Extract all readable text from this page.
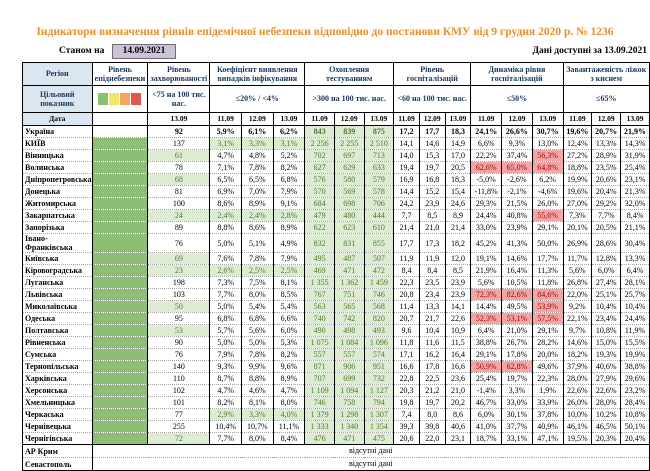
Індикатори визначення рівнів епідемічної небезпеки відповідно до постанови КМУ від 9 грудня 2020 р. № 1236
Станом на	14.09.2021	Дані доступні за 13.09.2021
Регіон	Рівень епіднебезпеки	Рівень захворюваності	Коефіцієнт виявлення випадків інфікування			Охоплення тестуванням			Рівень госпіталізацій			Динаміка рівня госпіталізацій			Завантаженість ліжок з киснем		
Цільовий показник		<75 на 100 тис. нас.	≤20% / <4%			>300 на 100 тис. нас.			<60 на 100 тис. нас.			≤50%			≤65%		
Дата		13.09	11.09	12.09	13.09	11.09	12.09	13.09	11.09	12.09	13.09	11.09	12.09	13.09	11.09	12.09	13.09
Україна		92	5,9%	6,1%	6,2%	843	839	875	17,2	17,7	18,3	24,1%	26,6%	30,7%	19,6%	20,7%	21,9%
КИЇВ		137	3,1%	3,3%	3,1%	2 256	2 255	2 510	14,1	14,6	14,9	6,6%	9,3%	13,0%	12,4%	13,3%	14,3%
Вінницька		61	4,7%	4,8%	5,2%	702	697	713	14,0	15,3	17,0	22,2%	37,4%	56,3%	27,2%	28,9%	31,9%
Волинська		78	7,1%	7,8%	8,2%	627	629	633	19,4	19,7	20,5	62,6%	65,0%	64,8%	18,8%	23,5%	25,4%
Дніпропетровська		68	6,5%	6,5%	6,8%	576	580	579	16,9	16,8	18,3	-5,0%	-2,6%	6,2%	19,9%	20,6%	23,1%
Донецька		81	6,9%	7,0%	7,9%	570	569	578	14,4	15,2	15,4	-11,8%	-2,1%	-4,6%	19,6%	20,4%	21,3%
Житомирська		100	8,6%	8,9%	9,1%	684	698	706	24,2	23,9	24,6	29,3%	21,5%	26,0%	27,0%	29,2%	32,0%
Закарпатська		24	2,4%	2,4%	2,8%	479	480	444	7,7	8,5	8,9	24,4%	40,8%	55,6%	7,3%	7,7%	8,4%
Запорізька		89	8,8%	8,6%	8,9%	622	623	610	21,4	21,0	21,4	33,0%	23,9%	29,1%	20,1%	20,5%	21,1%
Івано-Франківська		76	5,0%	5,1%	4,9%	832	831	855	17,7	17,3	18,2	45,2%	41,3%	50,0%	26,9%	28,6%	30,4%
Київська		69	7,6%	7,8%	7,9%	495	487	507	11,9	11,9	12,0	19,1%	14,6%	17,7%	11,7%	12,8%	13,3%
Кіровоградська		23	2,6%	2,5%	2,5%	469	471	472	8,4	8,4	8,5	21,9%	16,4%	11,3%	5,6%	6,0%	6,4%
Луганська		198	7,3%	7,5%	8,1%	1 355	1 362	1 459	22,3	23,5	23,9	5,6%	10,5%	11,8%	26,8%	27,4%	28,1%
Львівська		103	7,7%	8,0%	8,5%	767	751	746	20,8	23,4	23,9	72,3%	82,6%	84,6%	22,0%	25,1%	25,7%
Миколаївська		50	5,0%	5,4%	5,4%	563	565	568	11,4	13,3	14,1	14,4%	49,5%	53,9%	9,2%	10,4%	10,4%
Одеська		95	6,8%	6,8%	6,6%	740	742	820	20,7	21,7	22,6	52,3%	53,1%	57,5%	22,1%	23,4%	24,4%
Полтавська		53	5,7%	5,6%	6,0%	490	498	493	9,6	10,4	10,9	6,4%	21,0%	29,1%	9,7%	10,8%	11,9%
Рівненська		90	5,0%	5,0%	5,3%	1 075	1 084	1 096	11,8	11,6	11,5	38,8%	26,7%	28,2%	14,6%	15,0%	15,5%
Сумська		76	7,9%	7,8%	8,2%	557	557	574	17,1	16,2	16,4	29,1%	17,8%	20,0%	18,2%	19,3%	19,9%
Тернопільська		140	9,3%	9,9%	9,6%	871	906	951	16,6	17,8	16,6	50,9%	62,8%	49,6%	37,9%	40,6%	38,8%
Харківська		110	8,7%	8,8%	8,9%	707	699	732	22,8	22,5	23,6	25,4%	19,7%	22,3%	28,0%	27,9%	29,6%
Херсонська		102	4,7%	4,6%	4,7%	1 109	1 094	1 127	20,3	21,2	21,0	-1,4%	3,3%	1,9%	22,6%	22,6%	23,2%
Хмельницька		101	8,2%	8,1%	8,0%	746	758	794	19,8	19,7	20,2	46,7%	33,0%	33,9%	26,0%	28,0%	28,4%
Черкаська		77	2,9%	3,3%	4,0%	1 379	1 298	1 307	7,4	8,0	8,6	6,0%	30,1%	37,8%	10,0%	10,2%	10,8%
Чернівецька		255	10,4%	10,7%	11,1%	1 333	1 340	1 354	39,3	39,8	40,6	41,0%	37,7%	40,9%	46,1%	46,5%	50,1%
Чернігівська		72	7,7%	8,0%	8,4%	476	471	475	20,6	22,0	23,1	18,7%	33,1%	47,1%	19,5%	20,3%	20,4%
АР Крим	відсутні дані																
Севастополь	відсутні дані																
